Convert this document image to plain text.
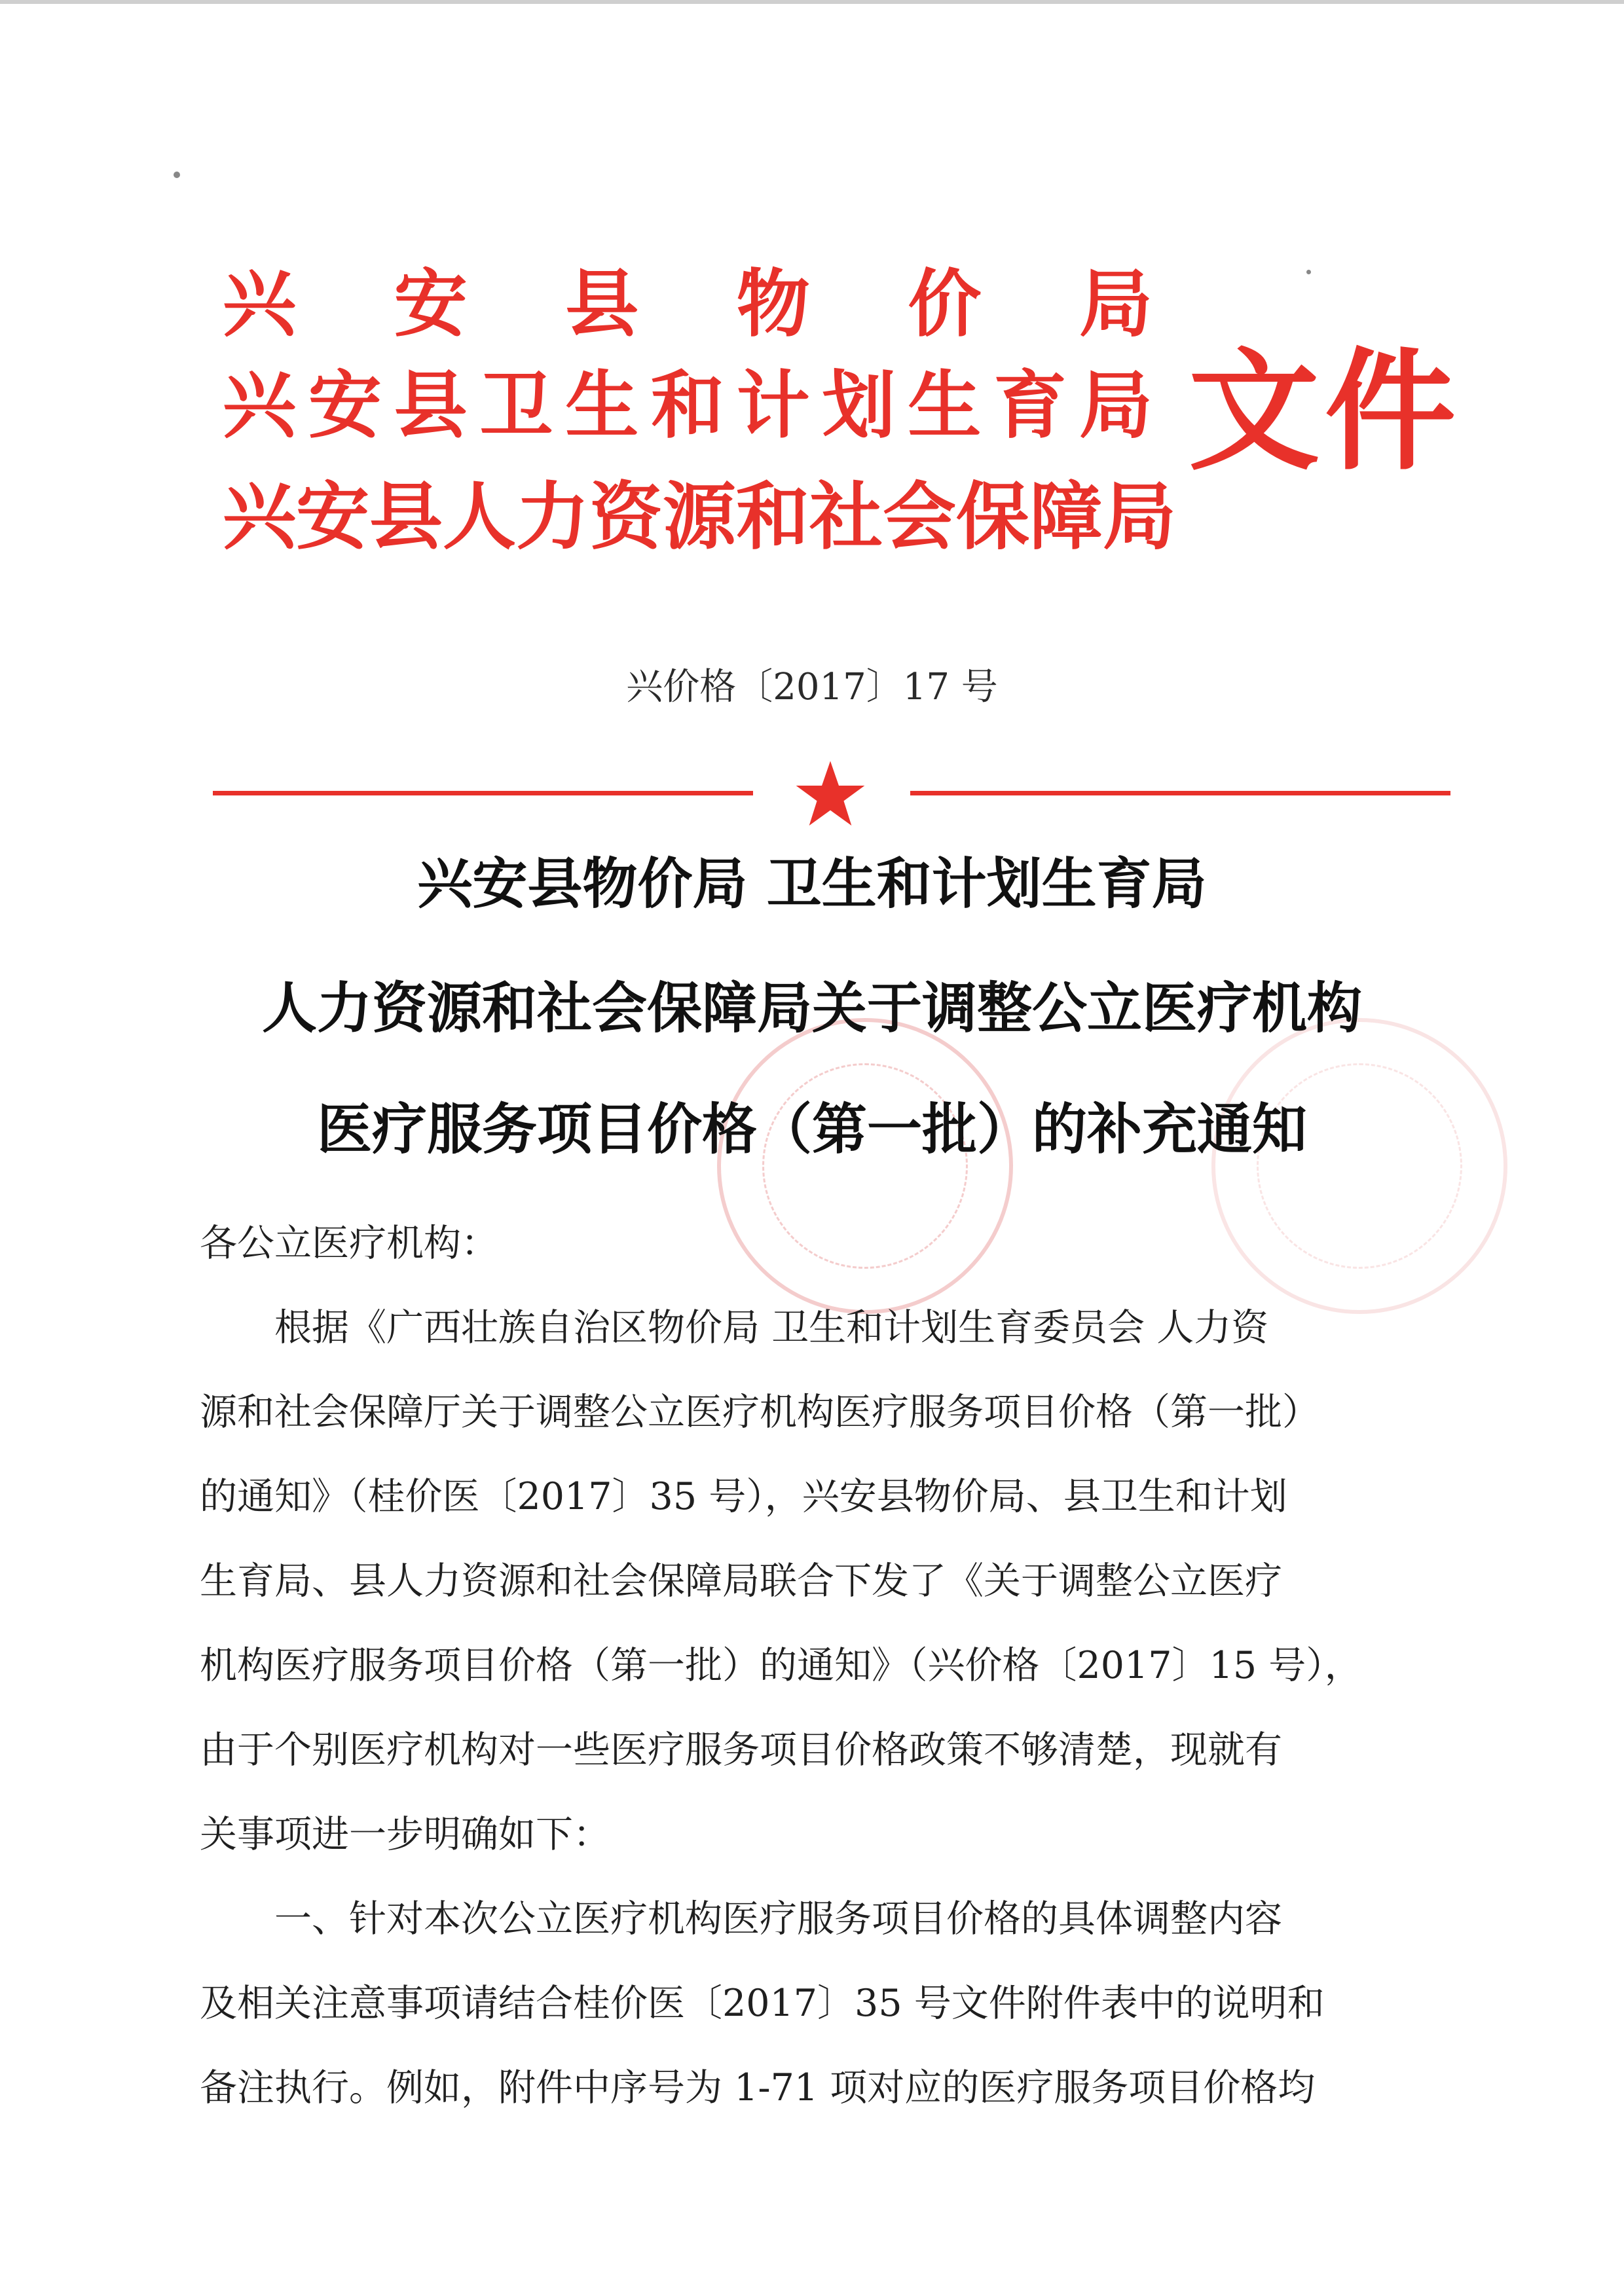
兴 安 县 物 价 局
兴 安 县 卫 生 和 计 划 生 育 局
兴 安 县 人 力 资 源 和 社 会 保 障 局
文件
兴价格〔2017〕17 号
兴安县物价局 卫生和计划生育局
人力资源和社会保障局关于调整公立医疗机构
医疗服务项目价格（第一批）的补充通知
各公立医疗机构：
根据《广西壮族自治区物价局 卫生和计划生育委员会 人力资
源和社会保障厅关于调整公立医疗机构医疗服务项目价格（第一批）
的通知》（桂价医〔2017〕35 号），兴安县物价局、县卫生和计划
生育局、县人力资源和社会保障局联合下发了《关于调整公立医疗
机构医疗服务项目价格（第一批）的通知》（兴价格〔2017〕15 号），
由于个别医疗机构对一些医疗服务项目价格政策不够清楚，现就有
关事项进一步明确如下：
一、针对本次公立医疗机构医疗服务项目价格的具体调整内容
及相关注意事项请结合桂价医〔2017〕35 号文件附件表中的说明和
备注执行。例如，附件中序号为 1-71 项对应的医疗服务项目价格均
